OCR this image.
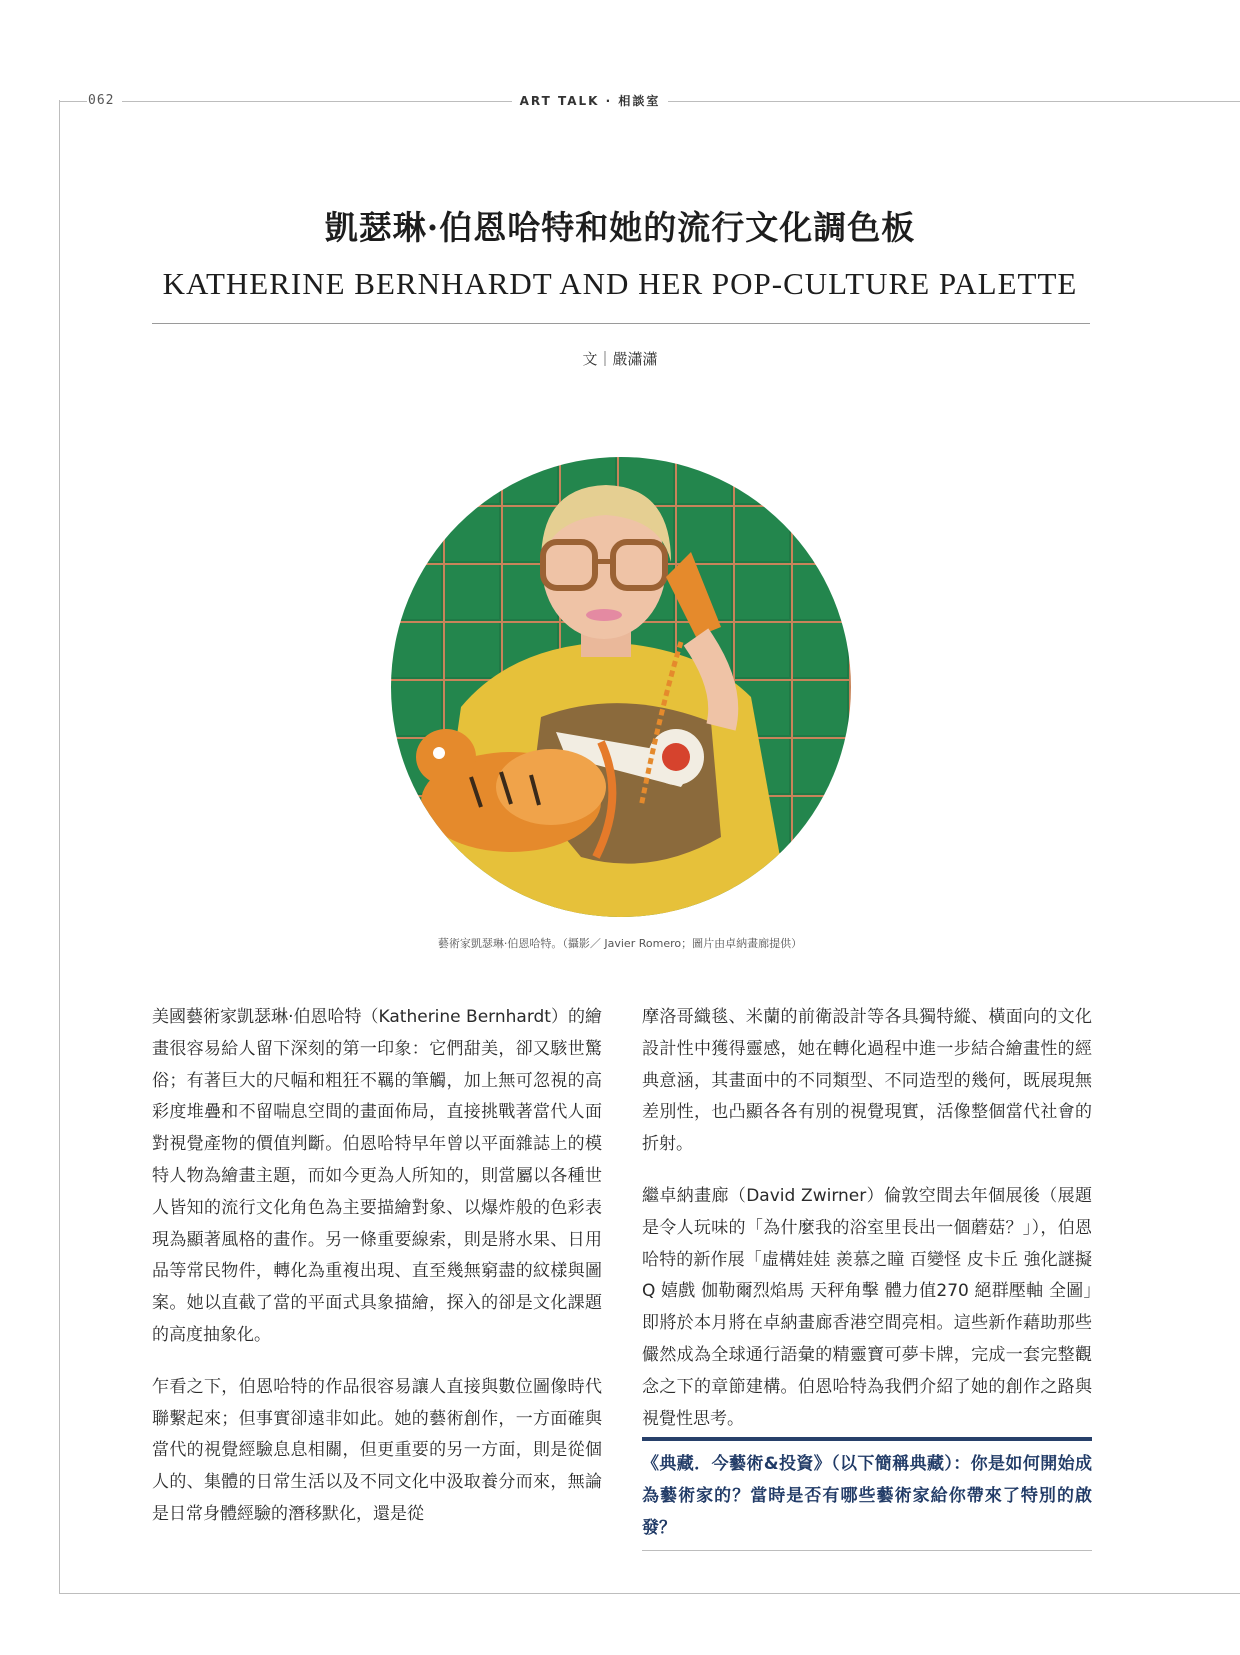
062	ART TALK · 相談室
凱瑟琳·伯恩哈特和她的流行文化調色板
KATHERINE BERNHARDT AND HER POP-CULTURE PALETTE
文｜嚴瀟瀟
藝術家凱瑟琳·伯恩哈特。（攝影／ Javier Romero；圖片由卓納畫廊提供）

美國藝術家凱瑟琳·伯恩哈特（Katherine Bernhardt）的繪畫很容易給人留下深刻的第一印象：它們甜美，卻又駭世驚俗；有著巨大的尺幅和粗狂不羈的筆觸，加上無可忽視的高彩度堆疊和不留喘息空間的畫面佈局，直接挑戰著當代人面對視覺產物的價值判斷。伯恩哈特早年曾以平面雜誌上的模特人物為繪畫主題，而如今更為人所知的，則當屬以各種世人皆知的流行文化角色為主要描繪對象、以爆炸般的色彩表現為顯著風格的畫作。另一條重要線索，則是將水果、日用品等常民物件，轉化為重複出現、直至幾無窮盡的紋樣與圖案。她以直截了當的平面式具象描繪，探入的卻是文化課題的高度抽象化。

乍看之下，伯恩哈特的作品很容易讓人直接與數位圖像時代聯繫起來；但事實卻遠非如此。她的藝術創作，一方面確與當代的視覺經驗息息相關，但更重要的另一方面，則是從個人的、集體的日常生活以及不同文化中汲取養分而來，無論是日常身體經驗的潛移默化，還是從

摩洛哥織毯、米蘭的前衛設計等各具獨特縱、橫面向的文化設計性中獲得靈感，她在轉化過程中進一步結合繪畫性的經典意涵，其畫面中的不同類型、不同造型的幾何，既展現無差別性，也凸顯各各有別的視覺現實，活像整個當代社會的折射。

繼卓納畫廊（David Zwirner）倫敦空間去年個展後（展題是令人玩味的「為什麼我的浴室里長出一個蘑菇？」），伯恩哈特的新作展「虛構娃娃 羨慕之瞳 百變怪 皮卡丘 強化謎擬Q 嬉戲 伽勒爾烈焰馬 天秤角擊 體力值270 絕群壓軸 全圖」即將於本月將在卓納畫廊香港空間亮相。這些新作藉助那些儼然成為全球通行語彙的精靈寶可夢卡牌，完成一套完整觀念之下的章節建構。伯恩哈特為我們介紹了她的創作之路與視覺性思考。

《典藏．今藝術&投資》（以下簡稱典藏）：你是如何開始成為藝術家的？當時是否有哪些藝術家給你帶來了特別的啟發？
